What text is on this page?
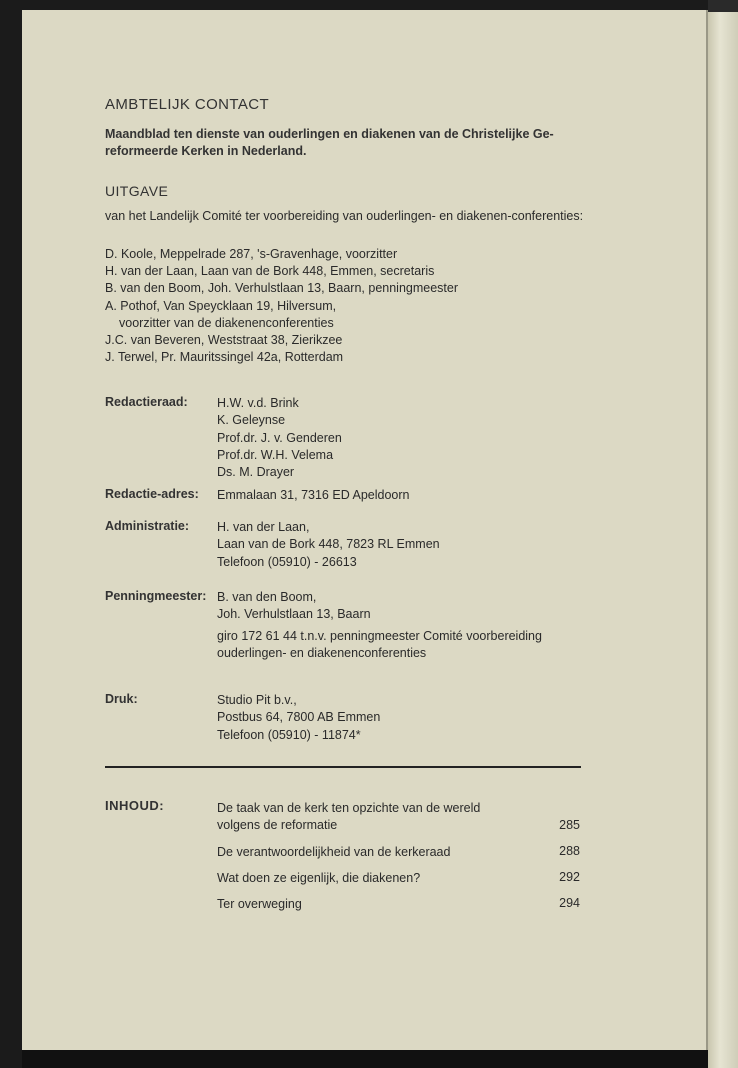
AMBTELIJK CONTACT
Maandblad ten dienste van ouderlingen en diakenen van de Christelijke Ge-reformeerde Kerken in Nederland.
UITGAVE
van het Landelijk Comité ter voorbereiding van ouderlingen- en diakenen-conferenties:
D. Koole, Meppelrade 287, 's-Gravenhage, voorzitter
H. van der Laan, Laan van de Bork 448, Emmen, secretaris
B. van den Boom, Joh. Verhulstlaan 13, Baarn, penningmeester
A. Pothof, Van Speycklaan 19, Hilversum,
voorzitter van de diakenenconferenties
J.C. van Beveren, Weststraat 38, Zierikzee
J. Terwel, Pr. Mauritssingel 42a, Rotterdam
Redactieraad: H.W. v.d. Brink
K. Geleynse
Prof.dr. J. v. Genderen
Prof.dr. W.H. Velema
Ds. M. Drayer
Redactie-adres: Emmalaan 31, 7316 ED Apeldoorn
Administratie: H. van der Laan,
Laan van de Bork 448, 7823 RL Emmen
Telefoon (05910) - 26613
Penningmeester: B. van den Boom,
Joh. Verhulstlaan 13, Baarn
giro 172 61 44 t.n.v. penningmeester Comité voorbereiding
ouderlingen- en diakenenconferenties
Druk:	Studio Pit b.v.,
Postbus 64, 7800 AB Emmen
Telefoon (05910) - 11874*
INHOUD:	De taak van de kerk ten opzichte van de wereld
volgens de reformatie	285
De verantwoordelijkheid van de kerkeraad	288
Wat doen ze eigenlijk, die diakenen?	292
Ter overweging	294
